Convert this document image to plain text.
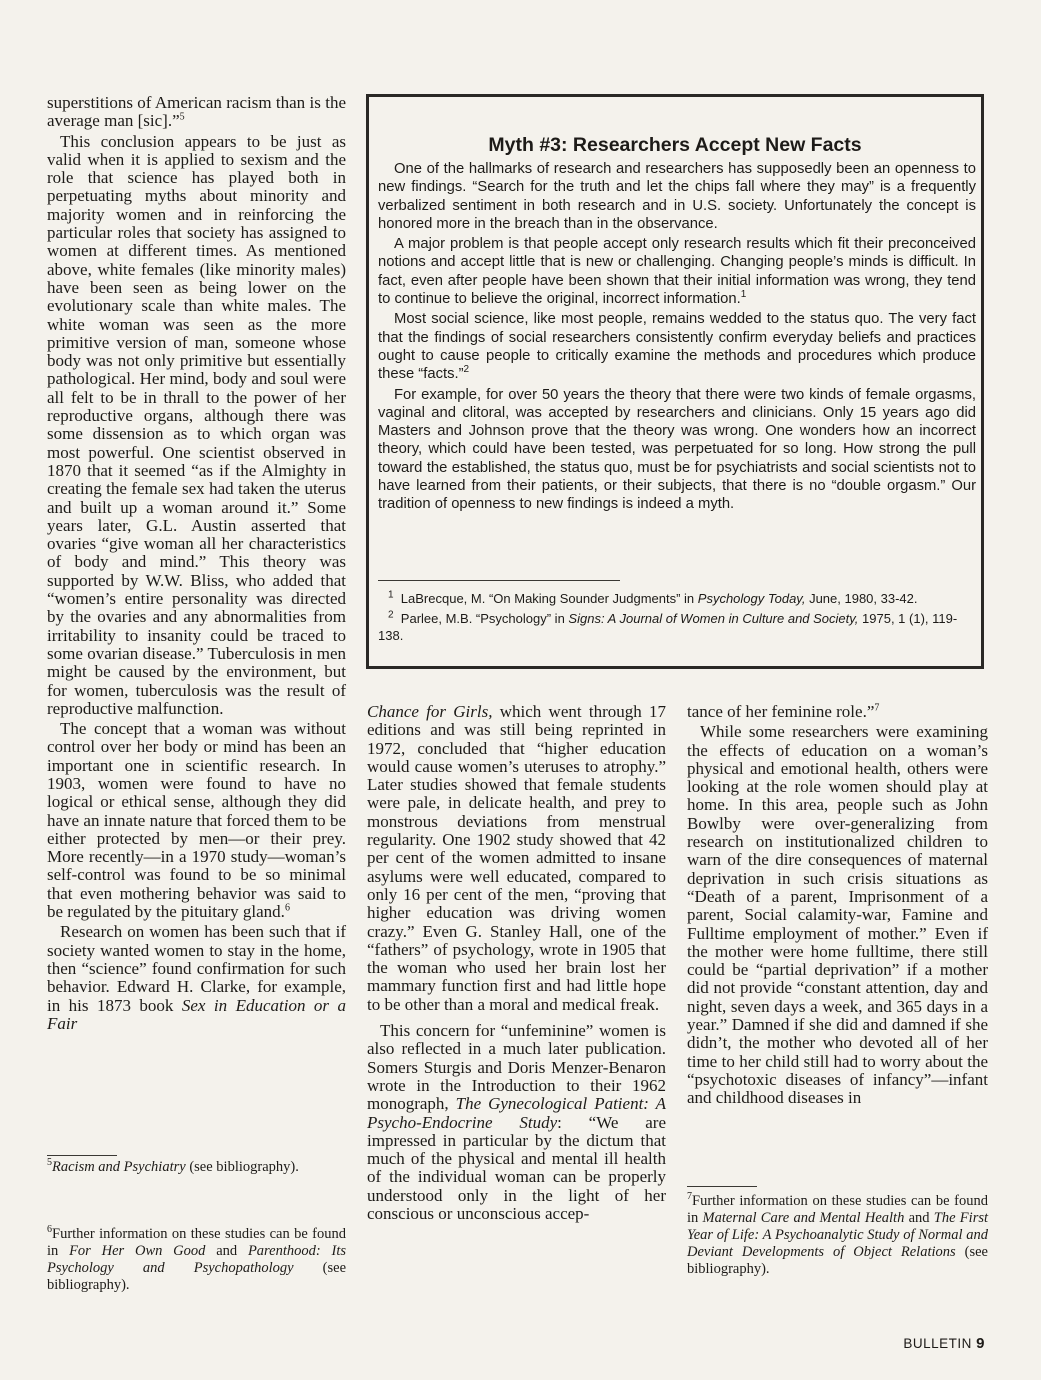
superstitions of American racism than is the average man [sic].”$^5$

This conclusion appears to be just as valid when it is applied to sexism and the role that science has played both in perpetuating myths about minority and majority women and in reinforcing the particular roles that society has assigned to women at different times. As mentioned above, white females (like minority males) have been seen as being lower on the evolutionary scale than white males. The white woman was seen as the more primitive version of man, someone whose body was not only primitive but essentially pathological. Her mind, body and soul were all felt to be in thrall to the power of her reproductive organs, although there was some dissension as to which organ was most powerful. One scientist observed in 1870 that it seemed “as if the Almighty in creating the female sex had taken the uterus and built up a woman around it.” Some years later, G.L. Austin asserted that ovaries “give woman all her characteristics of body and mind.” This theory was supported by W.W. Bliss, who added that “women’s entire personality was directed by the ovaries and any abnormalities from irritability to insanity could be traced to some ovarian disease.” Tuberculosis in men might be caused by the environment, but for women, tuberculosis was the result of reproductive malfunction.

The concept that a woman was without control over her body or mind has been an important one in scientific research. In 1903, women were found to have no logical or ethical sense, although they did have an innate nature that forced them to be either protected by men—or their prey. More recently—in a 1970 study—woman’s self-control was found to be so minimal that even mothering behavior was said to be regulated by the pituitary gland.$^6$

Research on women has been such that if society wanted women to stay in the home, then “science” found confirmation for such behavior. Edward H. Clarke, for example, in his 1873 book Sex in Education or a Fair

$^5$Racism and Psychiatry (see bibliography).

$^6$Further information on these studies can be found in For Her Own Good and Parenthood: Its Psychology and Psychopathology (see bibliography).

Myth #3: Researchers Accept New Facts

One of the hallmarks of research and researchers has supposedly been an openness to new findings. “Search for the truth and let the chips fall where they may” is a frequently verbalized sentiment in both research and in U.S. society. Unfortunately the concept is honored more in the breach than in the observance.

A major problem is that people accept only research results which fit their preconceived notions and accept little that is new or challenging. Changing people’s minds is difficult. In fact, even after people have been shown that their initial information was wrong, they tend to continue to believe the original, incorrect information.$^1$

Most social science, like most people, remains wedded to the status quo. The very fact that the findings of social researchers consistently confirm everyday beliefs and practices ought to cause people to critically examine the methods and procedures which produce these “facts.”$^2$

For example, for over 50 years the theory that there were two kinds of female orgasms, vaginal and clitoral, was accepted by researchers and clinicians. Only 15 years ago did Masters and Johnson prove that the theory was wrong. One wonders how an incorrect theory, which could have been tested, was perpetuated for so long. How strong the pull toward the established, the status quo, must be for psychiatrists and social scientists not to have learned from their patients, or their subjects, that there is no “double orgasm.” Our tradition of openness to new findings is indeed a myth.

$^1$ LaBrecque, M. “On Making Sounder Judgments” in Psychology Today, June, 1980, 33-42.

$^2$ Parlee, M.B. “Psychology” in Signs: A Journal of Women in Culture and Society, 1975, 1 (1), 119-138.

Chance for Girls, which went through 17 editions and was still being reprinted in 1972, concluded that “higher education would cause women’s uteruses to atrophy.” Later studies showed that female students were pale, in delicate health, and prey to monstrous deviations from menstrual regularity. One 1902 study showed that 42 per cent of the women admitted to insane asylums were well educated, compared to only 16 per cent of the men, “proving that higher education was driving women crazy.” Even G. Stanley Hall, one of the “fathers” of psychology, wrote in 1905 that the woman who used her brain lost her mammary function first and had little hope to be other than a moral and medical freak.

This concern for “unfeminine” women is also reflected in a much later publication. Somers Sturgis and Doris Menzer-Benaron wrote in the Introduction to their 1962 monograph, The Gynecological Patient: A Psycho-Endocrine Study: “We are impressed in particular by the dictum that much of the physical and mental ill health of the individual woman can be properly understood only in the light of her conscious or unconscious accep-

tance of her feminine role.”$^7$

While some researchers were examining the effects of education on a woman’s physical and emotional health, others were looking at the role women should play at home. In this area, people such as John Bowlby were over-generalizing from research on institutionalized children to warn of the dire consequences of maternal deprivation in such crisis situations as “Death of a parent, Imprisonment of a parent, Social calamity-war, Famine and Fulltime employment of mother.” Even if the mother were home fulltime, there still could be “partial deprivation” if a mother did not provide “constant attention, day and night, seven days a week, and 365 days in a year.” Damned if she did and damned if she didn’t, the mother who devoted all of her time to her child still had to worry about the “psychotoxic diseases of infancy”—infant and childhood diseases in

$^7$Further information on these studies can be found in Maternal Care and Mental Health and The First Year of Life: A Psychoanalytic Study of Normal and Deviant Developments of Object Relations (see bibliography).

BULLETIN 9
